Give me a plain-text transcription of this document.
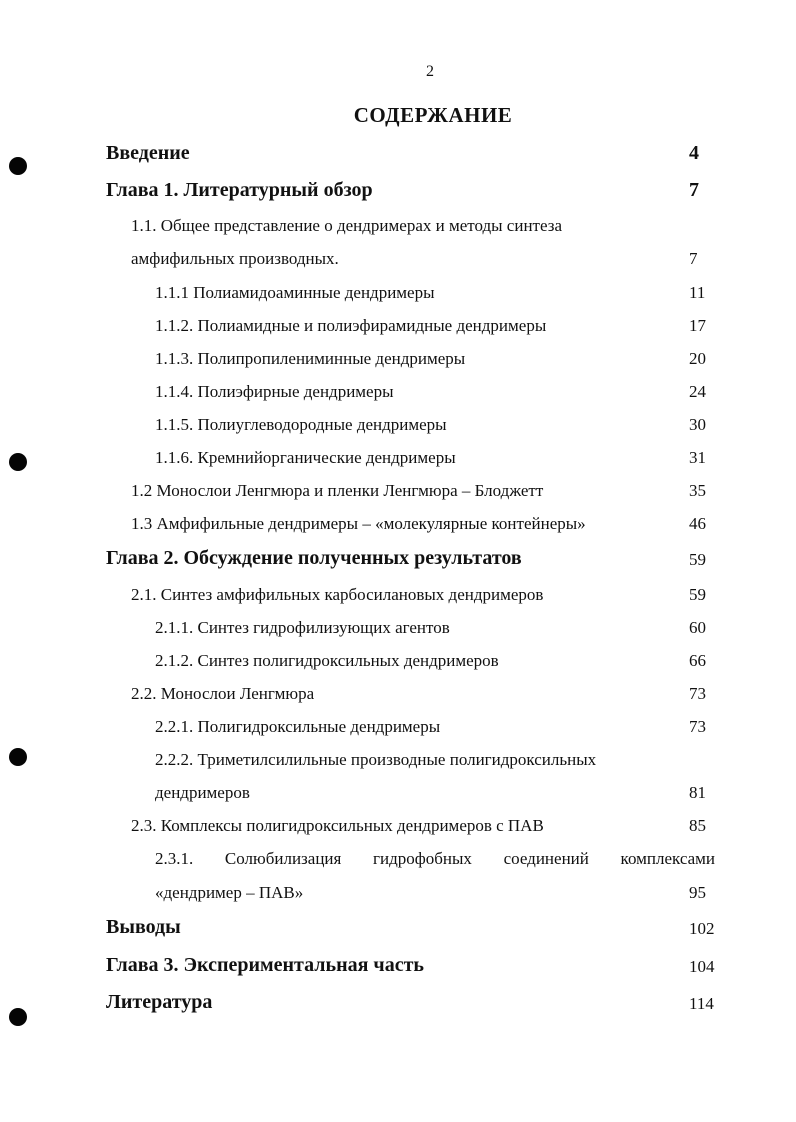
2
СОДЕРЖАНИЕ
Введение	4
Глава 1. Литературный обзор	7
1.1. Общее представление о дендримерах и методы синтеза
амфифильных производных.	7
1.1.1 Полиамидоаминные дендримеры	11
1.1.2. Полиамидные и полиэфирамидные дендримеры	17
1.1.3. Полипропилениминные дендримеры	20
1.1.4. Полиэфирные дендримеры	24
1.1.5. Полиуглеводородные дендримеры	30
1.1.6. Кремнийорганические дендримеры	31
1.2 Монослои Ленгмюра и пленки Ленгмюра – Блоджетт	35
1.3 Амфифильные дендримеры – «молекулярные контейнеры»	46
Глава 2. Обсуждение полученных результатов	59
2.1. Синтез амфифильных карбосилановых дендримеров	59
2.1.1. Синтез гидрофилизующих агентов	60
2.1.2. Синтез полигидроксильных дендримеров	66
2.2. Монослои Ленгмюра	73
2.2.1. Полигидроксильные дендримеры	73
2.2.2. Триметилсилильные производные полигидроксильных
дендримеров	81
2.3. Комплексы полигидроксильных дендримеров с ПАВ	85
2.3.1. Солюбилизация гидрофобных соединений комплексами
«дендример – ПАВ»	95
Выводы	102
Глава 3. Экспериментальная часть	104
Литература	114
